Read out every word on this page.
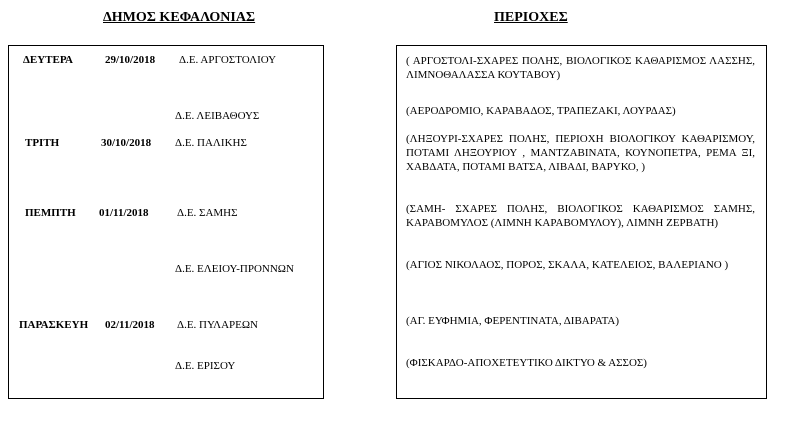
ΔΗΜΟΣ ΚΕΦΑΛΟΝΙΑΣ	ΠΕΡΙΟΧΕΣ
ΔΕΥΤΕΡΑ	29/10/2018 Δ.Ε. ΑΡΓΟΣΤΟΛΙΟΥ
Δ.Ε. ΛΕΙΒΑΘΟΥΣ
ΤΡΙΤΗ	30/10/2018 Δ.Ε. ΠΑΛΙΚΗΣ
ΠΕΜΠΤΗ 01/11/2018	Δ.Ε. ΣΑΜΗΣ
Δ.Ε. ΕΛΕΙΟΥ-ΠΡΟΝΝΩΝ
ΠΑΡΑΣΚΕΥΗ 02/11/2018 Δ.Ε. ΠΥΛΑΡΕΩΝ
Δ.Ε. ΕΡΙΣΟΥ
( ΑΡΓΟΣΤΟΛΙ-ΣΧΑΡΕΣ ΠΟΛΗΣ, ΒΙΟΛΟΓΙΚΟΣ ΚΑΘΑΡΙΣΜΟΣ ΛΑΣΣΗΣ, ΛΙΜΝΟΘΑΛΑΣΣΑ ΚΟΥΤΑΒΟΥ)
(ΑΕΡΟΔΡΟΜΙΟ, ΚΑΡΑΒΑΔΟΣ, ΤΡΑΠΕΖΑΚΙ, ΛΟΥΡΔΑΣ)
(ΛΗΞΟΥΡΙ-ΣΧΑΡΕΣ ΠΟΛΗΣ, ΠΕΡΙΟΧΗ ΒΙΟΛΟΓΙΚΟΥ ΚΑΘΑΡΙΣΜΟΥ, ΠΟΤΑΜΙ ΛΗΞΟΥΡΙΟΥ , ΜΑΝΤΖΑΒΙΝΑΤΑ, ΚΟΥΝΟΠΕΤΡΑ, ΡΕΜΑ ΞΙ, ΧΑΒΔΑΤΑ, ΠΟΤΑΜΙ ΒΑΤΣΑ, ΛΙΒΑΔΙ, ΒΑΡΥΚΟ, )
(ΣΑΜΗ- ΣΧΑΡΕΣ ΠΟΛΗΣ, ΒΙΟΛΟΓΙΚΟΣ ΚΑΘΑΡΙΣΜΟΣ ΣΑΜΗΣ, ΚΑΡΑΒΟΜΥΛΟΣ (ΛΙΜΝΗ ΚΑΡΑΒΟΜΥΛΟΥ), ΛΙΜΝΗ ΖΕΡΒΑΤΗ)
(ΑΓΙΟΣ ΝΙΚΟΛΑΟΣ, ΠΟΡΟΣ, ΣΚΑΛΑ, ΚΑΤΕΛΕΙΟΣ, ΒΑΛΕΡΙΑΝΟ )
(ΑΓ. ΕΥΦΗΜΙΑ, ΦΕΡΕΝΤΙΝΑΤΑ, ΔΙΒΑΡΑΤΑ)
(ΦΙΣΚΑΡΔΟ-ΑΠΟΧΕΤΕΥΤΙΚΟ ΔΙΚΤΥΟ & ΑΣΣΟΣ)
